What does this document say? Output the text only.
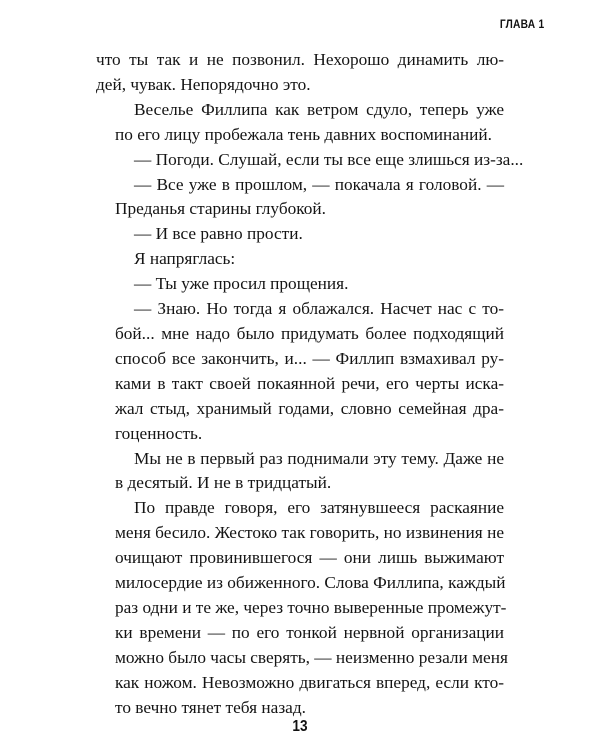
ГЛАВА 1
что ты так и не позвонил. Нехорошо динамить лю-
дей, чувак. Непорядочно это.
Веселье Филлипа как ветром сдуло, теперь уже
по его лицу пробежала тень давних воспоминаний.
— Погоди. Слушай, если ты все еще злишься из-за...
— Все уже в прошлом, — покачала я головой. —
Преданья старины глубокой.
— И все равно прости.
Я напряглась:
— Ты уже просил прощения.
— Знаю. Но тогда я облажался. Насчет нас с то-
бой... мне надо было придумать более подходящий
способ все закончить, и... — Филлип взмахивал ру-
ками в такт своей покаянной речи, его черты иска-
жал стыд, хранимый годами, словно семейная дра-
гоценность.
Мы не в первый раз поднимали эту тему. Даже не
в десятый. И не в тридцатый.
По правде говоря, его затянувшееся раскаяние
меня бесило. Жестоко так говорить, но извинения не
очищают провинившегося — они лишь выжимают
милосердие из обиженного. Слова Филлипа, каждый
раз одни и те же, через точно выверенные промежут-
ки времени — по его тонкой нервной организации
можно было часы сверять, — неизменно резали меня
как ножом. Невозможно двигаться вперед, если кто-
то вечно тянет тебя назад.
13
